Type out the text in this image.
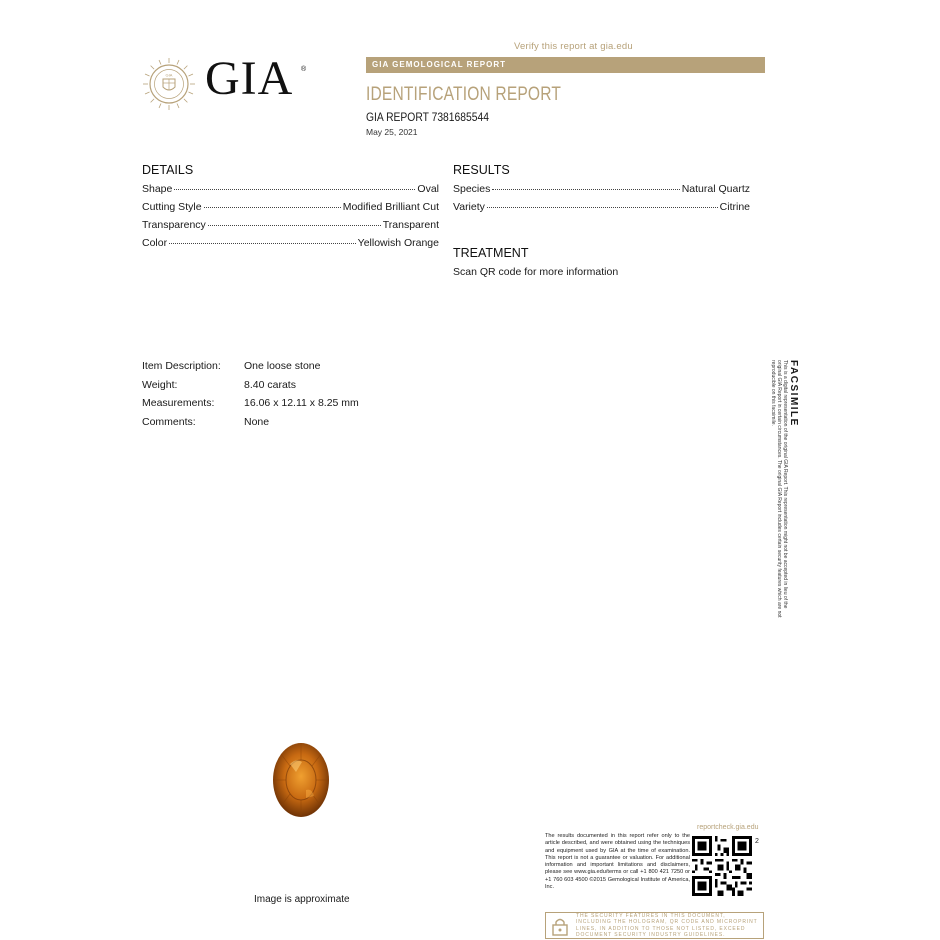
Verify this report at gia.edu
GIA GIA ®
GIA GEMOLOGICAL REPORT
IDENTIFICATION REPORT
GIA REPORT 7381685544
May 25, 2021
DETAILS
Shape	Oval
Cutting Style	Modified Brilliant Cut
Transparency	Transparent
Color	Yellowish Orange
RESULTS
Species	Natural Quartz
Variety	Citrine
TREATMENT
Scan QR code for more information
Item Description:	One loose stone
Weight:	8.40 carats
Measurements:	16.06 x 12.11 x 8.25 mm
Comments:	None	FACSIMILE
This is a digital representation of the original GIA Report. This representation might not be accepted in lieu of the original GIA Report in certain circumstances. The original GIA Report includes certain security features which are not reproducible on this facsimile.
Image is approximate
The results documented in this report refer only to the article described, and were obtained using the techniques and equipment used by GIA at the time of examination. This report is not a guarantee or valuation. For additional information and important limitations and disclaimers, please see www.gia.edu/terms or call +1 800 421 7250 or +1 760 603 4500 ©2015 Gemological Institute of America, Inc.
reportcheck.gia.edu
2
THE SECURITY FEATURES IN THIS DOCUMENT, INCLUDING THE HOLOGRAM, QR CODE AND MICROPRINT LINES, IN ADDITION TO THOSE NOT LISTED, EXCEED DOCUMENT SECURITY INDUSTRY GUIDELINES.
